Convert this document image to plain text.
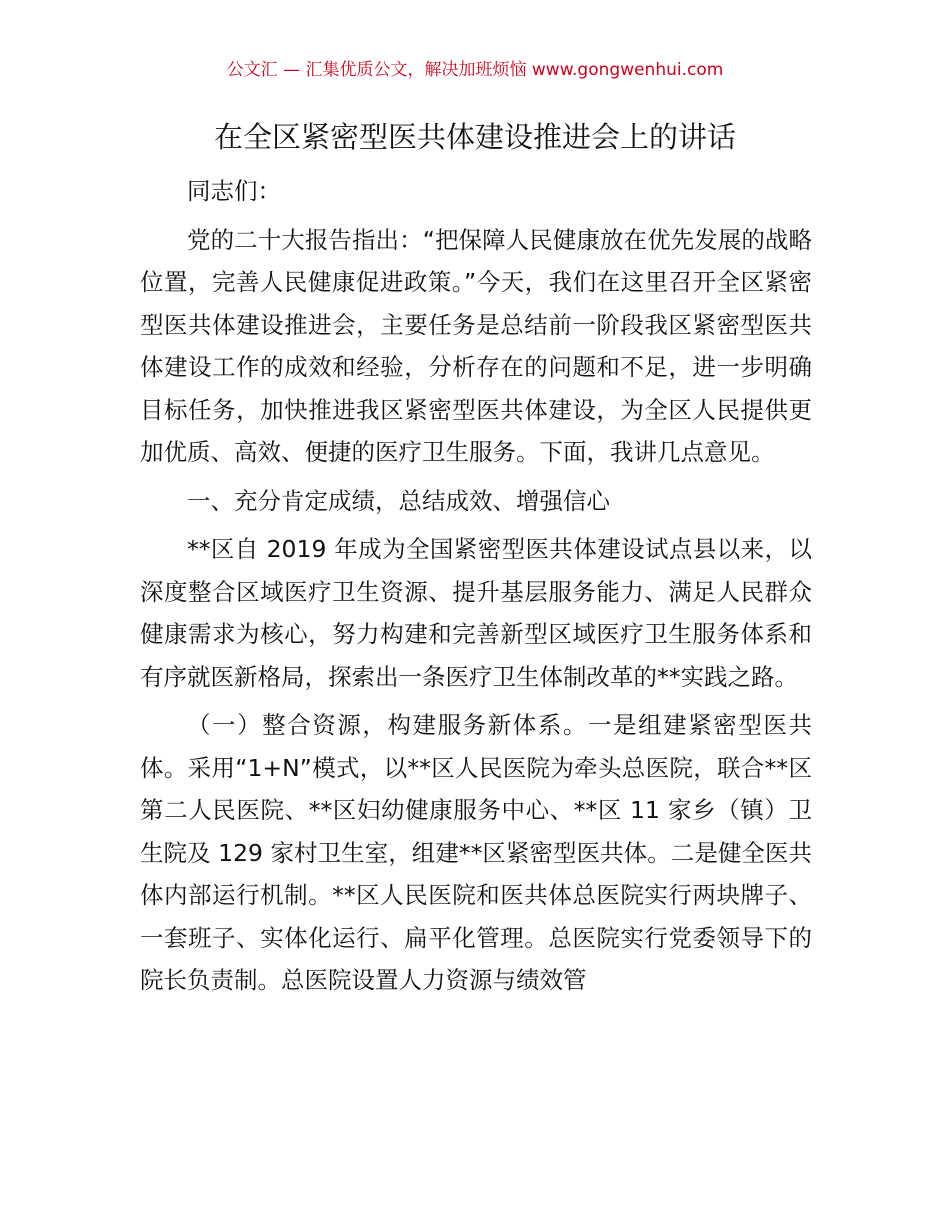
公文汇 — 汇集优质公文，解决加班烦恼 www.gongwenhui.com
在全区紧密型医共体建设推进会上的讲话

同志们：

党的二十大报告指出：“把保障人民健康放在优先发展的战略位置，完善人民健康促进政策。”今天，我们在这里召开全区紧密型医共体建设推进会，主要任务是总结前一阶段我区紧密型医共体建设工作的成效和经验，分析存在的问题和不足，进一步明确目标任务，加快推进我区紧密型医共体建设，为全区人民提供更加优质、高效、便捷的医疗卫生服务。下面，我讲几点意见。

一、充分肯定成绩，总结成效、增强信心

**区自 2019 年成为全国紧密型医共体建设试点县以来，以深度整合区域医疗卫生资源、提升基层服务能力、满足人民群众健康需求为核心，努力构建和完善新型区域医疗卫生服务体系和有序就医新格局，探索出一条医疗卫生体制改革的**实践之路。

（一）整合资源，构建服务新体系。一是组建紧密型医共体。采用“1+N”模式，以**区人民医院为牵头总医院，联合**区第二人民医院、**区妇幼健康服务中心、**区 11 家乡（镇）卫生院及 129 家村卫生室，组建**区紧密型医共体。二是健全医共体内部运行机制。**区人民医院和医共体总医院实行两块牌子、一套班子、实体化运行、扁平化管理。总医院实行党委领导下的院长负责制。总医院设置人力资源与绩效管
